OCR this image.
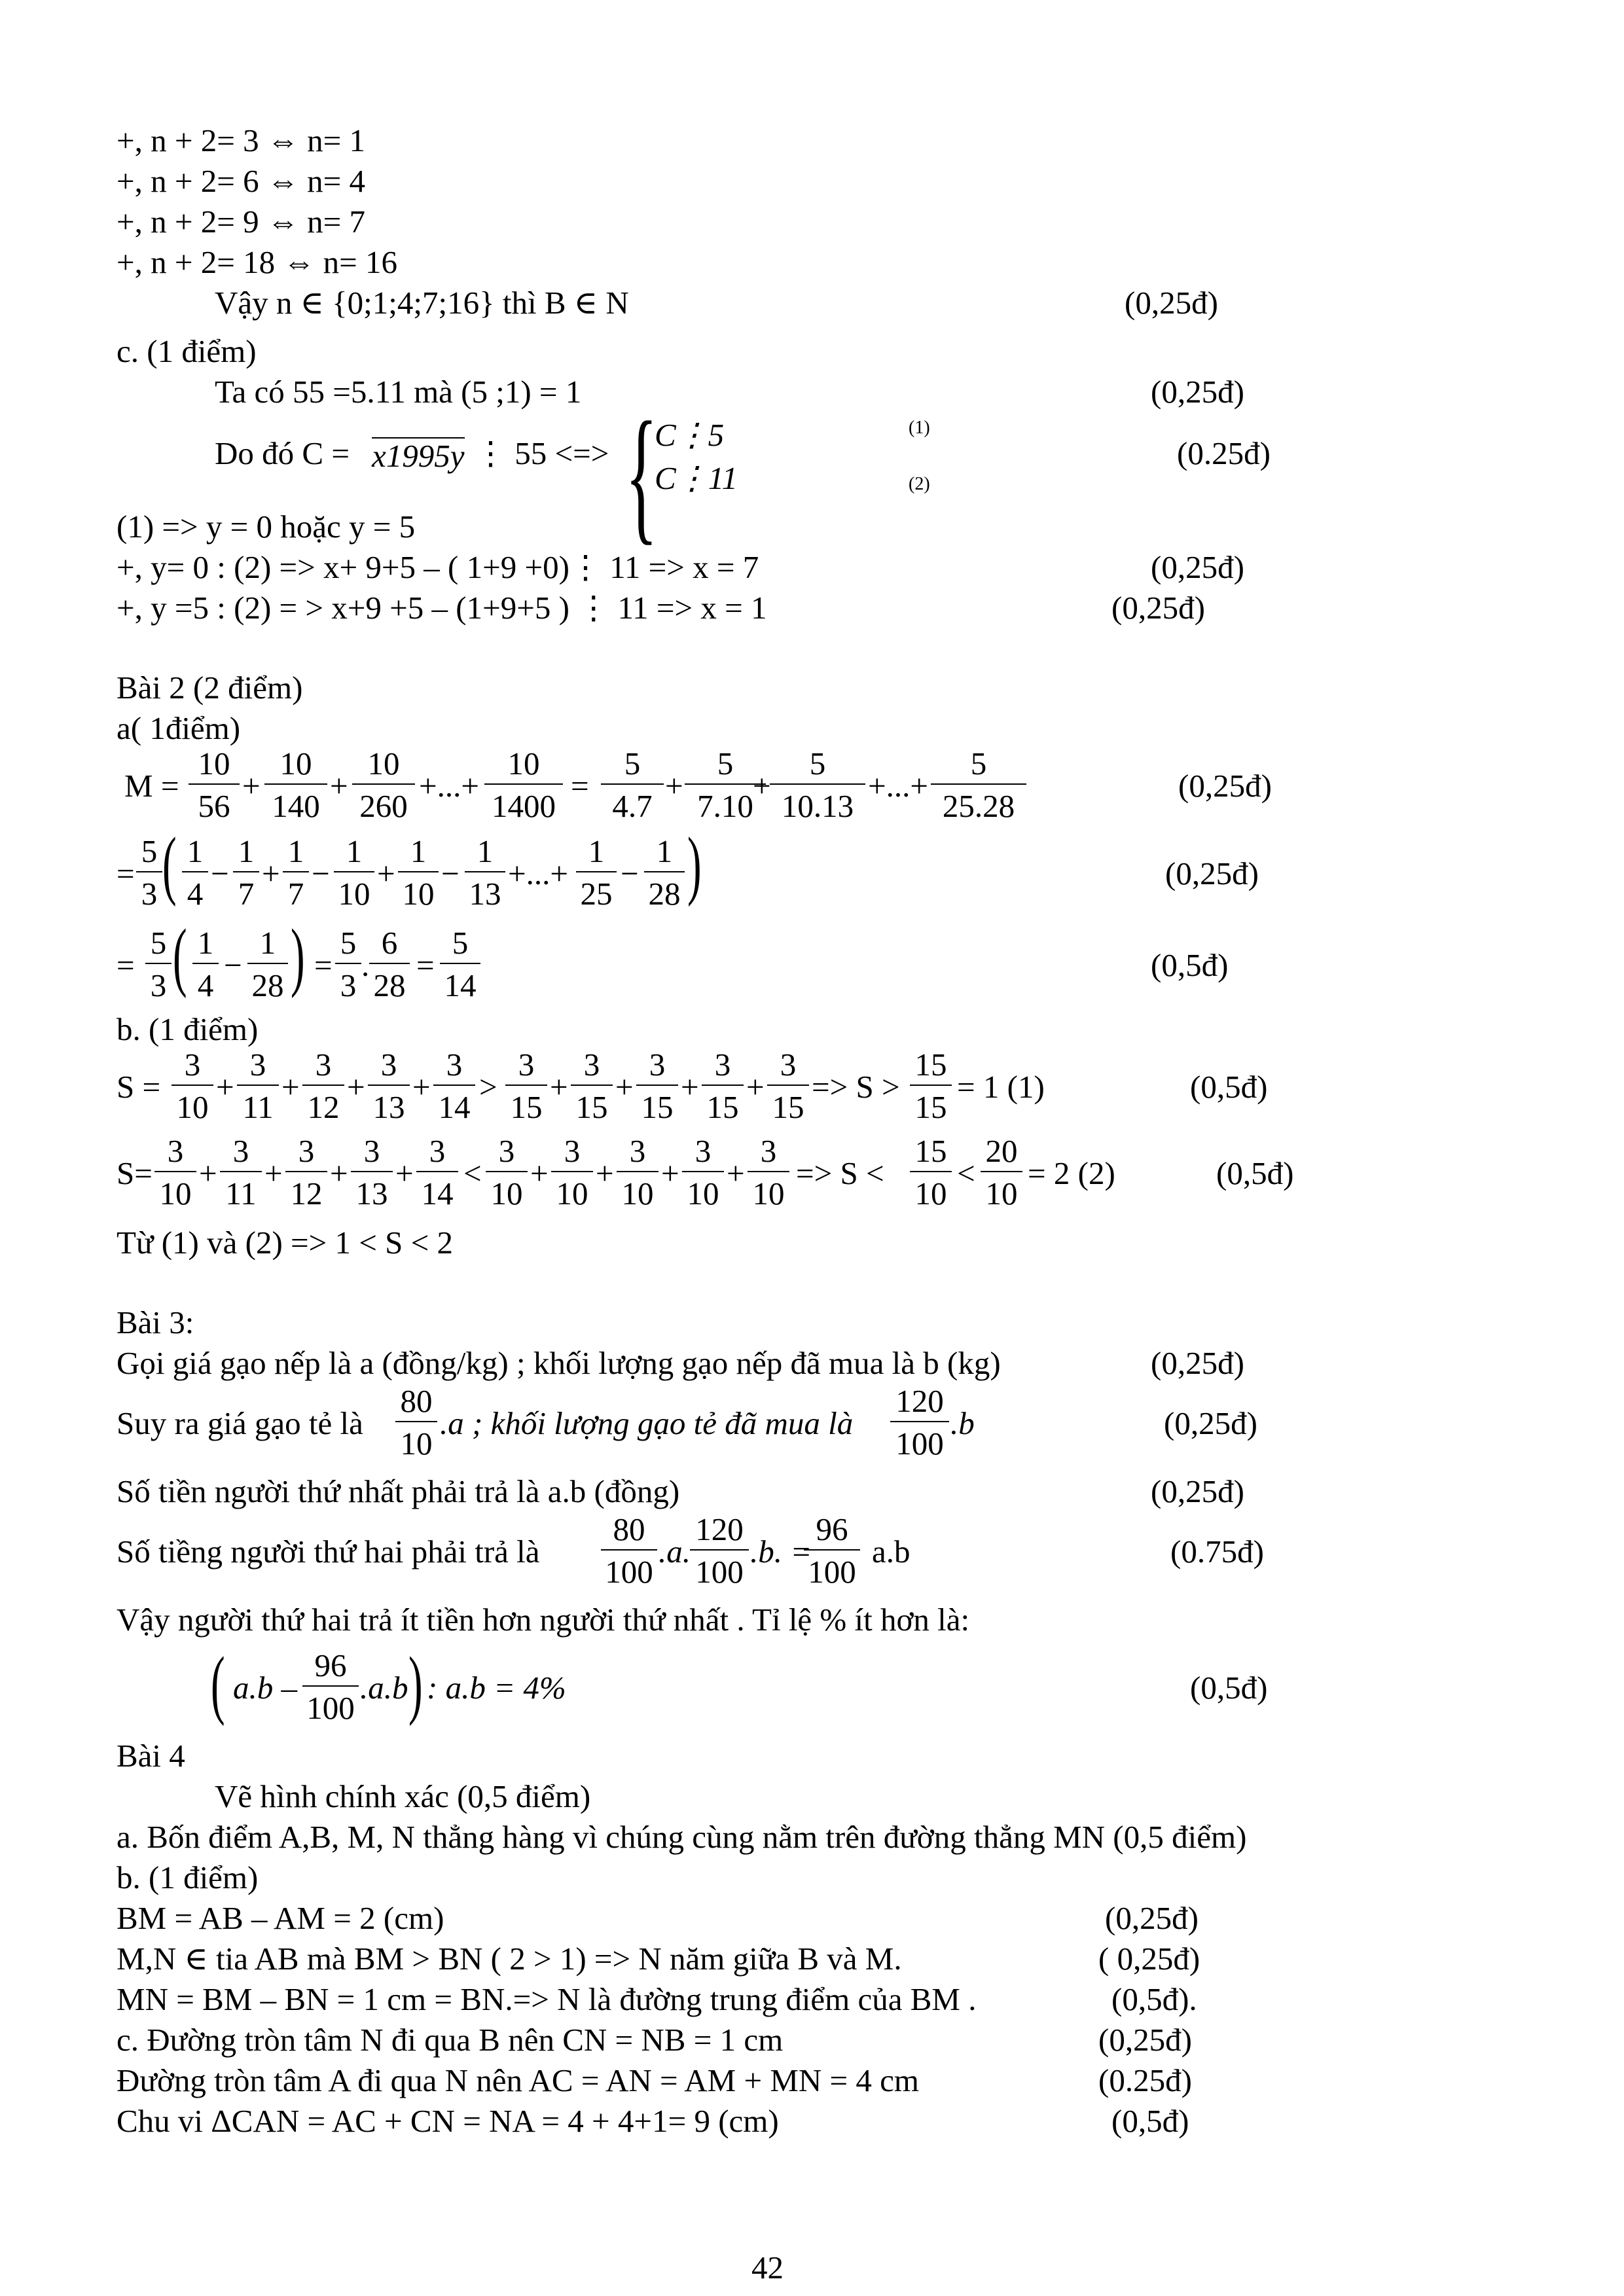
+, n + 2= 3 ⇔ n= 1
+, n + 2= 6 ⇔ n= 4
+, n + 2= 9 ⇔ n= 7
+, n + 2= 18 ⇔ n= 16
Vậy n ∈ {0;1;4;7;16} thì B ∈ N	(0,25đ)
c. (1 điểm)
Ta có 55 =5.11 mà (5 ;1) = 1	(0,25đ)
Do đó C = x1995y ⋮ 55 <=> {
C⋮5
C⋮11
(1)
(2)
(0.25đ)
(1) => y = 0 hoặc y = 5
+, y= 0 : (2) => x+ 9+5 – ( 1+9 +0)⋮ 11 => x = 7	(0,25đ)
+, y =5 : (2) = > x+9 +5 – (1+9+5 ) ⋮ 11 => x = 1	(0,25đ)
Bài 2 (2 điểm)
a( 1điểm)
$M = \frac{10}{56} + \frac{10}{140} + \frac{10}{260}$ +...+ $\frac{10}{1400} = \frac{5}{4.7} + \frac{5}{7.10}$
+
$\frac{5}{10.13}$ +...+ $\frac{5}{25.28}$	(0,25đ)
= $\frac{5}{3}$ ( $\frac{1}{4} - \frac{1}{7} + \frac{1}{7} - \frac{1}{10} + \frac{1}{10} - \frac{1}{13}$ +...+ $\frac{1}{25} - \frac{1}{28}$ )	(0,25đ)
= $\frac{5}{3}$ ( $\frac{1}{4} - \frac{1}{28}$ ) = $\frac{5}{3}$ . $\frac{6}{28} = \frac{5}{14}$	(0,5đ)
b. (1 điểm)
$S = \frac{3}{10} + \frac{3}{11} + \frac{3}{12} + \frac{3}{13} + \frac{3}{14} > \frac{3}{15} + \frac{3}{15} + \frac{3}{15} + \frac{3}{15} + \frac{3}{15} => S > \frac{15}{15} = 1$ (1)	(0,5đ)
$S= \frac{3}{10} + \frac{3}{11} + \frac{3}{12} + \frac{3}{13} + \frac{3}{14} < \frac{3}{10} + \frac{3}{10} + \frac{3}{10} + \frac{3}{10} + \frac{3}{10} => S < \frac{15}{10} < \frac{20}{10} = 2$ (2)	(0,5đ)
Từ (1) và (2) => 1 < S < 2
Bài 3:
Gọi giá gạo nếp là a (đồng/kg) ; khối lượng gạo nếp đã mua là b (kg)	(0,25đ)
Suy ra giá gạo tẻ là $\frac{80}{10} .a$ ; khối lượng gạo tẻ đã mua là $\frac{120}{100} .b$	(0,25đ)
Số tiền người thứ nhất phải trả là a.b (đồng)	(0,25đ)
Số tiềng người thứ hai phải trả là $\frac{80}{100} .a$. $\frac{120}{100} .b$. =
$\frac{96}{100} a.b$	(0.75đ)
Vậy người thứ hai trả ít tiền hơn người thứ nhất . Tỉ lệ % ít hơn là:
( $a.b - \frac{96}{100} .a.b$ ) : a.b = 4%	(0,5đ)
Bài 4
Vẽ hình chính xác (0,5 điểm)
a. Bốn điểm A,B, M, N thẳng hàng vì chúng cùng nằm trên đường thẳng MN (0,5 điểm)
b. (1 điểm)
BM = AB – AM = 2 (cm)	(0,25đ)
M,N ∈ tia AB mà BM > BN ( 2 > 1) => N năm giữa B và M.	( 0,25đ)
MN = BM – BN = 1 cm = BN.=> N là đường trung điểm của BM .	(0,5đ).
c. Đường tròn tâm N đi qua B nên CN = NB = 1 cm	(0,25đ)
Đường tròn tâm A đi qua N nên AC = AN = AM + MN = 4 cm	(0.25đ)
Chu vi ΔCAN = AC + CN = NA = 4 + 4+1= 9 (cm)	(0,5đ)
42
